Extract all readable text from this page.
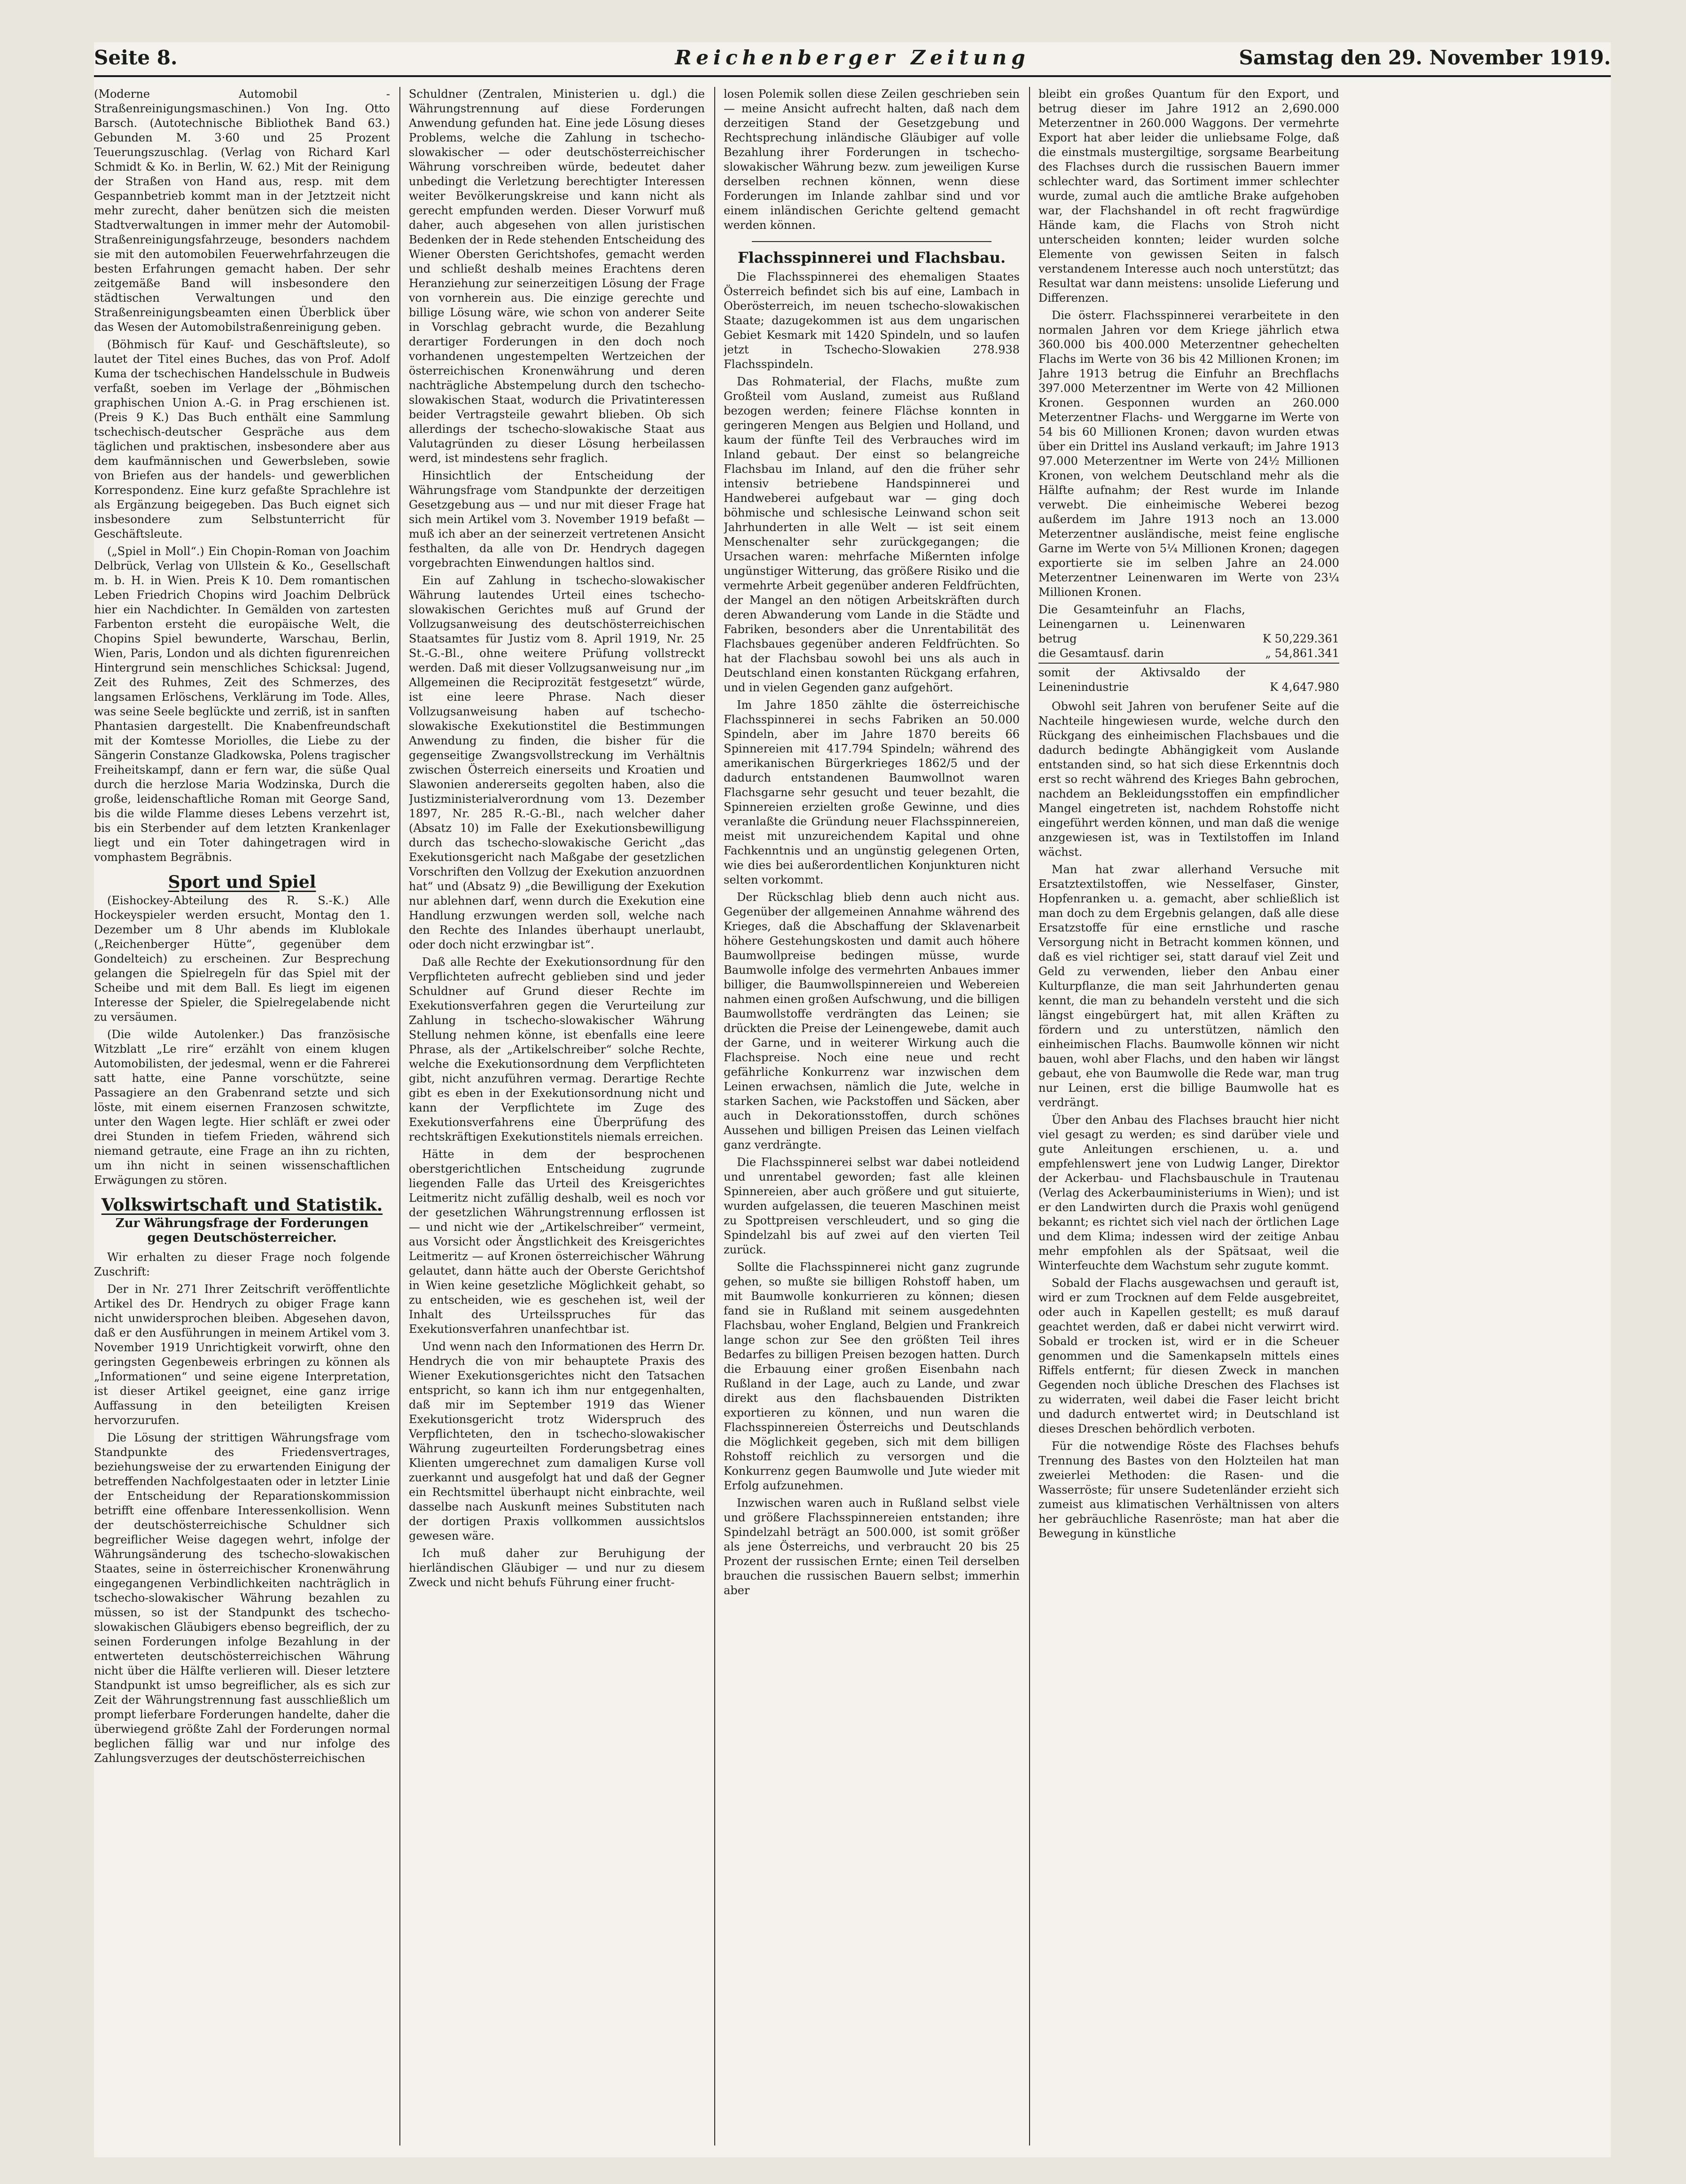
Reichenberger Zeitung
Seite 8.	Samstag den 29. November 1919.

(Moderne Automobil - Straßenreinigungsmaschinen.) Von Ing. Otto Barsch. (Autotechnische Bibliothek Band 63.) Gebunden M. 3·60 und 25 Prozent Teuerungszuschlag. (Verlag von Richard Karl Schmidt & Ko. in Berlin, W. 62.) Mit der Reinigung der Straßen von Hand aus, resp. mit dem Gespannbetrieb kommt man in der Jetztzeit nicht mehr zurecht, daher benützen sich die meisten Stadtverwaltungen in immer mehr der Automobil-Straßenreinigungsfahrzeuge, besonders nachdem sie mit den automobilen Feuerwehrfahrzeugen die besten Erfahrungen gemacht haben. Der sehr zeitgemäße Band will insbesondere den städtischen Verwaltungen und den Straßenreinigungsbeamten einen Überblick über das Wesen der Automobilstraßenreinigung geben.

(Böhmisch für Kauf- und Geschäftsleute), so lautet der Titel eines Buches, das von Prof. Adolf Kuma der tschechischen Handelsschule in Budweis verfaßt, soeben im Verlage der „Böhmischen graphischen Union A.-G. in Prag erschienen ist. (Preis 9 K.) Das Buch enthält eine Sammlung tschechisch-deutscher Gespräche aus dem täglichen und praktischen, insbesondere aber aus dem kaufmännischen und Gewerbsleben, sowie von Briefen aus der handels- und gewerblichen Korrespondenz. Eine kurz gefaßte Sprachlehre ist als Ergänzung beigegeben. Das Buch eignet sich insbesondere zum Selbstunterricht für Geschäftsleute.

(„Spiel in Moll“.) Ein Chopin-Roman von Joachim Delbrück, Verlag von Ullstein & Ko., Gesellschaft m. b. H. in Wien. Preis K 10. Dem romantischen Leben Friedrich Chopins wird Joachim Delbrück hier ein Nachdichter. In Gemälden von zartesten Farbenton ersteht die europäische Welt, die Chopins Spiel bewunderte, Warschau, Berlin, Wien, Paris, London und als dichten figurenreichen Hintergrund sein menschliches Schicksal: Jugend, Zeit des Ruhmes, Zeit des Schmerzes, des langsamen Erlöschens, Verklärung im Tode. Alles, was seine Seele beglückte und zerriß, ist in sanften Phantasien dargestellt. Die Knabenfreundschaft mit der Komtesse Moriolles, die Liebe zu der Sängerin Constanze Gladkowska, Polens tragischer Freiheitskampf, dann er fern war, die süße Qual durch die herzlose Maria Wodzinska, Durch die große, leidenschaftliche Roman mit George Sand, bis die wilde Flamme dieses Lebens verzehrt ist, bis ein Sterbender auf dem letzten Krankenlager liegt und ein Toter dahingetragen wird in vomphastem Begräbnis.

Sport und Spiel

(Eishockey-Abteilung des R. S.-K.) Alle Hockeyspieler werden ersucht, Montag den 1. Dezember um 8 Uhr abends im Klublokale („Reichenberger Hütte“, gegenüber dem Gondelteich) zu erscheinen. Zur Besprechung gelangen die Spielregeln für das Spiel mit der Scheibe und mit dem Ball. Es liegt im eigenen Interesse der Spieler, die Spielregelabende nicht zu versäumen.

(Die wilde Autolenker.) Das französische Witzblatt „Le rire“ erzählt von einem klugen Automobilisten, der jedesmal, wenn er die Fahrerei satt hatte, eine Panne vorschützte, seine Passagiere an den Grabenrand setzte und sich löste, mit einem eisernen Franzosen schwitzte, unter den Wagen legte. Hier schläft er zwei oder drei Stunden in tiefem Frieden, während sich niemand getraute, eine Frage an ihn zu richten, um ihn nicht in seinen wissenschaftlichen Erwägungen zu stören.

Volkswirtschaft und Statistik.
Zur Währungsfrage der Forderungen gegen Deutschösterreicher.

Wir erhalten zu dieser Frage noch folgende Zuschrift:

Der in Nr. 271 Ihrer Zeitschrift veröffentlichte Artikel des Dr. Hendrych zu obiger Frage kann nicht unwidersprochen bleiben. Abgesehen davon, daß er den Ausführungen in meinem Artikel vom 3. November 1919 Unrichtigkeit vorwirft, ohne den geringsten Gegenbeweis erbringen zu können als „Informationen“ und seine eigene Interpretation, ist dieser Artikel geeignet, eine ganz irrige Auffassung in den beteiligten Kreisen hervorzurufen.

Die Lösung der strittigen Währungsfrage vom Standpunkte des Friedensvertrages, beziehungsweise der zu erwartenden Einigung der betreffenden Nachfolgestaaten oder in letzter Linie der Entscheidung der Reparationskommission betrifft eine offenbare Interessenkollision. Wenn der deutschösterreichische Schuldner sich begreiflicher Weise dagegen wehrt, infolge der Währungsänderung des tschecho-slowakischen Staates, seine in österreichischer Kronenwährung eingegangenen Verbindlichkeiten nachträglich in tschecho-slowakischer Währung bezahlen zu müssen, so ist der Standpunkt des tschecho-slowakischen Gläubigers ebenso begreiflich, der zu seinen Forderungen infolge Bezahlung in der entwerteten deutschösterreichischen Währung nicht über die Hälfte verlieren will. Dieser letztere Standpunkt ist umso begreiflicher, als es sich zur Zeit der Währungstrennung fast ausschließlich um prompt lieferbare Forderungen handelte, daher die überwiegend größte Zahl der Forderungen normal beglichen fällig war und nur infolge des Zahlungsverzuges der deutschösterreichischen

Schuldner (Zentralen, Ministerien u. dgl.) die Währungstrennung auf diese Forderungen Anwendung gefunden hat. Eine jede Lösung dieses Problems, welche die Zahlung in tschecho-slowakischer — oder deutschösterreichischer Währung vorschreiben würde, bedeutet daher unbedingt die Verletzung berechtigter Interessen weiter Bevölkerungskreise und kann nicht als gerecht empfunden werden. Dieser Vorwurf muß daher, auch abgesehen von allen juristischen Bedenken der in Rede stehenden Entscheidung des Wiener Obersten Gerichtshofes, gemacht werden und schließt deshalb meines Erachtens deren Heranziehung zur seinerzeitigen Lösung der Frage von vornherein aus. Die einzige gerechte und billige Lösung wäre, wie schon von anderer Seite in Vorschlag gebracht wurde, die Bezahlung derartiger Forderungen in den doch noch vorhandenen ungestempelten Wertzeichen der österreichischen Kronenwährung und deren nachträgliche Abstempelung durch den tschecho-slowakischen Staat, wodurch die Privatinteressen beider Vertragsteile gewahrt blieben. Ob sich allerdings der tschecho-slowakische Staat aus Valutagründen zu dieser Lösung herbeilassen werd, ist mindestens sehr fraglich.

Hinsichtlich der Entscheidung der Währungsfrage vom Standpunkte der derzeitigen Gesetzgebung aus — und nur mit dieser Frage hat sich mein Artikel vom 3. November 1919 befaßt — muß ich aber an der seinerzeit vertretenen Ansicht festhalten, da alle von Dr. Hendrych dagegen vorgebrachten Einwendungen haltlos sind.

Ein auf Zahlung in tschecho-slowakischer Währung lautendes Urteil eines tschecho-slowakischen Gerichtes muß auf Grund der Vollzugsanweisung des deutschösterreichischen Staatsamtes für Justiz vom 8. April 1919, Nr. 25 St.-G.-Bl., ohne weitere Prüfung vollstreckt werden. Daß mit dieser Vollzugsanweisung nur „im Allgemeinen die Reciprozität festgesetzt“ würde, ist eine leere Phrase. Nach dieser Vollzugsanweisung haben auf tschecho-slowakische Exekutionstitel die Bestimmungen Anwendung zu finden, die bisher für die gegenseitige Zwangsvollstreckung im Verhältnis zwischen Österreich einerseits und Kroatien und Slawonien andererseits gegolten haben, also die Justizministerialverordnung vom 13. Dezember 1897, Nr. 285 R.-G.-Bl., nach welcher daher (Absatz 10) im Falle der Exekutionsbewilligung durch das tschecho-slowakische Gericht „das Exekutionsgericht nach Maßgabe der gesetzlichen Vorschriften den Vollzug der Exekution anzuordnen hat“ und (Absatz 9) „die Bewilligung der Exekution nur ablehnen darf, wenn durch die Exekution eine Handlung erzwungen werden soll, welche nach den Rechte des Inlandes überhaupt unerlaubt, oder doch nicht erzwingbar ist“.

Daß alle Rechte der Exekutionsordnung für den Verpflichteten aufrecht geblieben sind und jeder Schuldner auf Grund dieser Rechte im Exekutionsverfahren gegen die Verurteilung zur Zahlung in tschecho-slowakischer Währung Stellung nehmen könne, ist ebenfalls eine leere Phrase, als der „Artikelschreiber“ solche Rechte, welche die Exekutionsordnung dem Verpflichteten gibt, nicht anzuführen vermag. Derartige Rechte gibt es eben in der Exekutionsordnung nicht und kann der Verpflichtete im Zuge des Exekutionsverfahrens eine Überprüfung des rechtskräftigen Exekutionstitels niemals erreichen.

Hätte in dem der besprochenen oberstgerichtlichen Entscheidung zugrunde liegenden Falle das Urteil des Kreisgerichtes Leitmeritz nicht zufällig deshalb, weil es noch vor der gesetzlichen Währungstrennung erflossen ist — und nicht wie der „Artikelschreiber“ vermeint, aus Vorsicht oder Ängstlichkeit des Kreisgerichtes Leitmeritz — auf Kronen österreichischer Währung gelautet, dann hätte auch der Oberste Gerichtshof in Wien keine gesetzliche Möglichkeit gehabt, so zu entscheiden, wie es geschehen ist, weil der Inhalt des Urteilsspruches für das Exekutionsverfahren unanfechtbar ist.

Und wenn nach den Informationen des Herrn Dr. Hendrych die von mir behauptete Praxis des Wiener Exekutionsgerichtes nicht den Tatsachen entspricht, so kann ich ihm nur entgegenhalten, daß mir im September 1919 das Wiener Exekutionsgericht trotz Widerspruch des Verpflichteten, den in tschecho-slowakischer Währung zugeurteilten Forderungsbetrag eines Klienten umgerechnet zum damaligen Kurse voll zuerkannt und ausgefolgt hat und daß der Gegner ein Rechtsmittel überhaupt nicht einbrachte, weil dasselbe nach Auskunft meines Substituten nach der dortigen Praxis vollkommen aussichtslos gewesen wäre.

Ich muß daher zur Beruhigung der hierländischen Gläubiger — und nur zu diesem Zweck und nicht behufs Führung einer frucht-

losen Polemik sollen diese Zeilen geschrieben sein — meine Ansicht aufrecht halten, daß nach dem derzeitigen Stand der Gesetzgebung und Rechtsprechung inländische Gläubiger auf volle Bezahlung ihrer Forderungen in tschecho-slowakischer Währung bezw. zum jeweiligen Kurse derselben rechnen können, wenn diese Forderungen im Inlande zahlbar sind und vor einem inländischen Gerichte geltend gemacht werden können.

Flachsspinnerei und Flachsbau.

Die Flachsspinnerei des ehemaligen Staates Österreich befindet sich bis auf eine, Lambach in Oberösterreich, im neuen tschecho-slowakischen Staate; dazugekommen ist aus dem ungarischen Gebiet Kesmark mit 1420 Spindeln, und so laufen jetzt in Tschecho-Slowakien 278.938 Flachsspindeln.

Das Rohmaterial, der Flachs, mußte zum Großteil vom Ausland, zumeist aus Rußland bezogen werden; feinere Flächse konnten in geringeren Mengen aus Belgien und Holland, und kaum der fünfte Teil des Verbrauches wird im Inland gebaut. Der einst so belangreiche Flachsbau im Inland, auf den die früher sehr intensiv betriebene Handspinnerei und Handweberei aufgebaut war — ging doch böhmische und schlesische Leinwand schon seit Jahrhunderten in alle Welt — ist seit einem Menschenalter sehr zurückgegangen; die Ursachen waren: mehrfache Mißernten infolge ungünstiger Witterung, das größere Risiko und die vermehrte Arbeit gegenüber anderen Feldfrüchten, der Mangel an den nötigen Arbeitskräften durch deren Abwanderung vom Lande in die Städte und Fabriken, besonders aber die Unrentabilität des Flachsbaues gegenüber anderen Feldfrüchten. So hat der Flachsbau sowohl bei uns als auch in Deutschland einen konstanten Rückgang erfahren, und in vielen Gegenden ganz aufgehört.

Im Jahre 1850 zählte die österreichische Flachsspinnerei in sechs Fabriken an 50.000 Spindeln, aber im Jahre 1870 bereits 66 Spinnereien mit 417.794 Spindeln; während des amerikanischen Bürgerkrieges 1862/5 und der dadurch entstandenen Baumwollnot waren Flachsgarne sehr gesucht und teuer bezahlt, die Spinnereien erzielten große Gewinne, und dies veranlaßte die Gründung neuer Flachsspinnereien, meist mit unzureichendem Kapital und ohne Fachkenntnis und an ungünstig gelegenen Orten, wie dies bei außerordentlichen Konjunkturen nicht selten vorkommt.

Der Rückschlag blieb denn auch nicht aus. Gegenüber der allgemeinen Annahme während des Krieges, daß die Abschaffung der Sklavenarbeit höhere Gestehungskosten und damit auch höhere Baumwollpreise bedingen müsse, wurde Baumwolle infolge des vermehrten Anbaues immer billiger, die Baumwollspinnereien und Webereien nahmen einen großen Aufschwung, und die billigen Baumwollstoffe verdrängten das Leinen; sie drückten die Preise der Leinengewebe, damit auch der Garne, und in weiterer Wirkung auch die Flachspreise. Noch eine neue und recht gefährliche Konkurrenz war inzwischen dem Leinen erwachsen, nämlich die Jute, welche in starken Sachen, wie Packstoffen und Säcken, aber auch in Dekorationsstoffen, durch schönes Aussehen und billigen Preisen das Leinen vielfach ganz verdrängte.

Die Flachsspinnerei selbst war dabei notleidend und unrentabel geworden; fast alle kleinen Spinnereien, aber auch größere und gut situierte, wurden aufgelassen, die teueren Maschinen meist zu Spottpreisen verschleudert, und so ging die Spindelzahl bis auf zwei auf den vierten Teil zurück.

Sollte die Flachsspinnerei nicht ganz zugrunde gehen, so mußte sie billigen Rohstoff haben, um mit Baumwolle konkurrieren zu können; diesen fand sie in Rußland mit seinem ausgedehnten Flachsbau, woher England, Belgien und Frankreich lange schon zur See den größten Teil ihres Bedarfes zu billigen Preisen bezogen hatten. Durch die Erbauung einer großen Eisenbahn nach Rußland in der Lage, auch zu Lande, und zwar direkt aus den flachsbauenden Distrikten exportieren zu können, und nun waren die Flachsspinnereien Österreichs und Deutschlands die Möglichkeit gegeben, sich mit dem billigen Rohstoff reichlich zu versorgen und die Konkurrenz gegen Baumwolle und Jute wieder mit Erfolg aufzunehmen.

Inzwischen waren auch in Rußland selbst viele und größere Flachsspinnereien entstanden; ihre Spindelzahl beträgt an 500.000, ist somit größer als jene Österreichs, und verbraucht 20 bis 25 Prozent der russischen Ernte; einen Teil derselben brauchen die russischen Bauern selbst; immerhin aber

bleibt ein großes Quantum für den Export, und betrug dieser im Jahre 1912 an 2,690.000 Meterzentner in 260.000 Waggons. Der vermehrte Export hat aber leider die unliebsame Folge, daß die einstmals mustergiltige, sorgsame Bearbeitung des Flachses durch die russischen Bauern immer schlechter ward, das Sortiment immer schlechter wurde, zumal auch die amtliche Brake aufgehoben war, der Flachshandel in oft recht fragwürdige Hände kam, die Flachs von Stroh nicht unterscheiden konnten; leider wurden solche Elemente von gewissen Seiten in falsch verstandenem Interesse auch noch unterstützt; das Resultat war dann meistens: unsolide Lieferung und Differenzen.

Die österr. Flachsspinnerei verarbeitete in den normalen Jahren vor dem Kriege jährlich etwa 360.000 bis 400.000 Meterzentner gehechelten Flachs im Werte von 36 bis 42 Millionen Kronen; im Jahre 1913 betrug die Einfuhr an Brechflachs 397.000 Meterzentner im Werte von 42 Millionen Kronen. Gesponnen wurden an 260.000 Meterzentner Flachs- und Werggarne im Werte von 54 bis 60 Millionen Kronen; davon wurden etwas über ein Drittel ins Ausland verkauft; im Jahre 1913 97.000 Meterzentner im Werte von 24½ Millionen Kronen, von welchem Deutschland mehr als die Hälfte aufnahm; der Rest wurde im Inlande verwebt. Die einheimische Weberei bezog außerdem im Jahre 1913 noch an 13.000 Meterzentner ausländische, meist feine englische Garne im Werte von 5¼ Millionen Kronen; dagegen exportierte sie im selben Jahre an 24.000 Meterzentner Leinenwaren im Werte von 23¼ Millionen Kronen.

Die Gesamteinfuhr an Flachs, Leinengarnen u. Leinenwaren betrug	K 50,229.361
die Gesamtausf. darin	„ 54,861.341
somit der Aktivsaldo der Leinenindustrie	K 4,647.980

Obwohl seit Jahren von berufener Seite auf die Nachteile hingewiesen wurde, welche durch den Rückgang des einheimischen Flachsbaues und die dadurch bedingte Abhängigkeit vom Auslande entstanden sind, so hat sich diese Erkenntnis doch erst so recht während des Krieges Bahn gebrochen, nachdem an Bekleidungsstoffen ein empfindlicher Mangel eingetreten ist, nachdem Rohstoffe nicht eingeführt werden können, und man daß die wenige anzgewiesen ist, was in Textilstoffen im Inland wächst.

Man hat zwar allerhand Versuche mit Ersatztextilstoffen, wie Nesselfaser, Ginster, Hopfenranken u. a. gemacht, aber schließlich ist man doch zu dem Ergebnis gelangen, daß alle diese Ersatzstoffe für eine ernstliche und rasche Versorgung nicht in Betracht kommen können, und daß es viel richtiger sei, statt darauf viel Zeit und Geld zu verwenden, lieber den Anbau einer Kulturpflanze, die man seit Jahrhunderten genau kennt, die man zu behandeln versteht und die sich längst eingebürgert hat, mit allen Kräften zu fördern und zu unterstützen, nämlich den einheimischen Flachs. Baumwolle können wir nicht bauen, wohl aber Flachs, und den haben wir längst gebaut, ehe von Baumwolle die Rede war, man trug nur Leinen, erst die billige Baumwolle hat es verdrängt.

Über den Anbau des Flachses braucht hier nicht viel gesagt zu werden; es sind darüber viele und gute Anleitungen erschienen, u. a. und empfehlenswert jene von Ludwig Langer, Direktor der Ackerbau- und Flachsbauschule in Trautenau (Verlag des Ackerbauministeriums in Wien); und ist er den Landwirten durch die Praxis wohl genügend bekannt; es richtet sich viel nach der örtlichen Lage und dem Klima; indessen wird der zeitige Anbau mehr empfohlen als der Spätsaat, weil die Winterfeuchte dem Wachstum sehr zugute kommt.

Sobald der Flachs ausgewachsen und gerauft ist, wird er zum Trocknen auf dem Felde ausgebreitet, oder auch in Kapellen gestellt; es muß darauf geachtet werden, daß er dabei nicht verwirrt wird. Sobald er trocken ist, wird er in die Scheuer genommen und die Samenkapseln mittels eines Riffels entfernt; für diesen Zweck in manchen Gegenden noch übliche Dreschen des Flachses ist zu widerraten, weil dabei die Faser leicht bricht und dadurch entwertet wird; in Deutschland ist dieses Dreschen behördlich verboten.

Für die notwendige Röste des Flachses behufs Trennung des Bastes von den Holzteilen hat man zweierlei Methoden: die Rasen- und die Wasserröste; für unsere Sudetenländer erzieht sich zumeist aus klimatischen Verhältnissen von alters her gebräuchliche Rasenröste; man hat aber die Bewegung in künstliche
